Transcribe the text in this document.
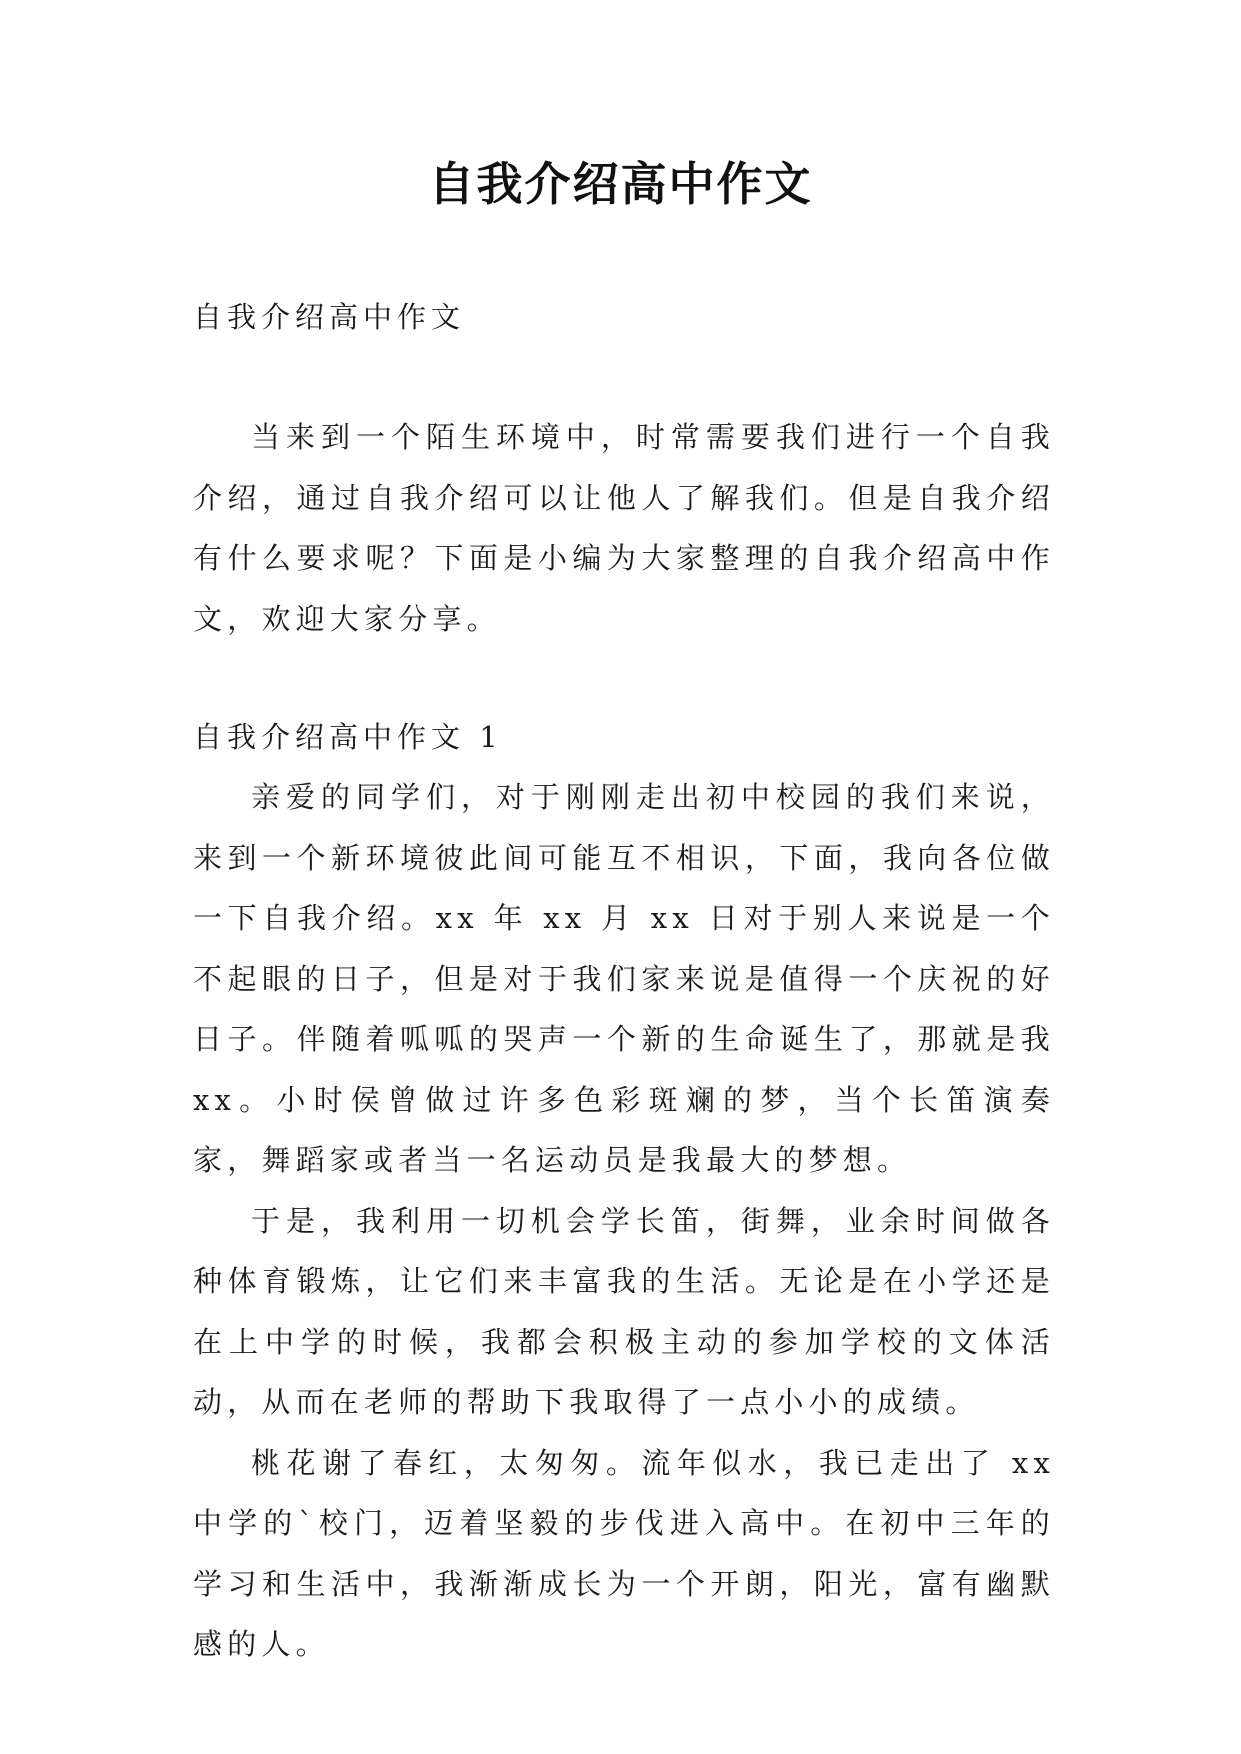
自我介绍高中作文

自我介绍高中作文

当来到一个陌生环境中，时常需要我们进行一个自我介绍，通过自我介绍可以让他人了解我们。但是自我介绍有什么要求呢？下面是小编为大家整理的自我介绍高中作文，欢迎大家分享。

自我介绍高中作文 1

亲爱的同学们，对于刚刚走出初中校园的我们来说，来到一个新环境彼此间可能互不相识，下面，我向各位做一下自我介绍。xx 年 xx 月 xx 日对于别人来说是一个不起眼的日子，但是对于我们家来说是值得一个庆祝的好日子。伴随着呱呱的哭声一个新的生命诞生了，那就是我 xx。小时侯曾做过许多色彩斑斓的梦，当个长笛演奏家，舞蹈家或者当一名运动员是我最大的梦想。

于是，我利用一切机会学长笛，街舞，业余时间做各种体育锻炼，让它们来丰富我的生活。无论是在小学还是在上中学的时候，我都会积极主动的参加学校的文体活动，从而在老师的帮助下我取得了一点小小的成绩。

桃花谢了春红，太匆匆。流年似水，我已走出了 xx 中学的`校门，迈着坚毅的步伐进入高中。在初中三年的学习和生活中，我渐渐成长为一个开朗，阳光，富有幽默感的人。
